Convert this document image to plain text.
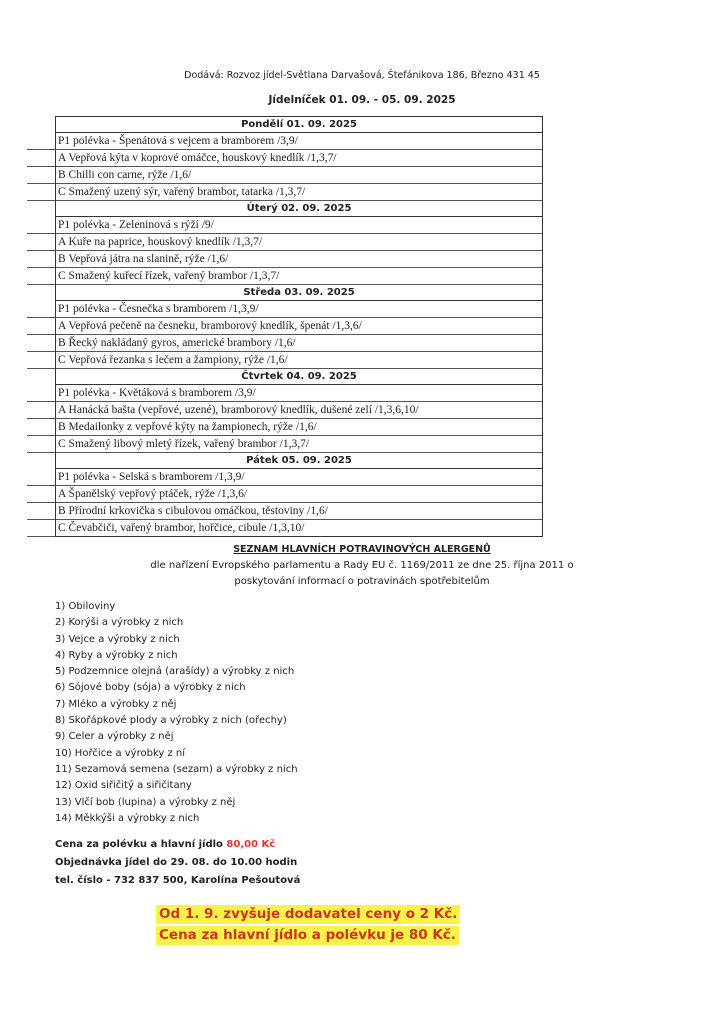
Dodává: Rozvoz jídel-Světlana Darvašová, Štefánikova 186, Březno 431 45
Jídelníček 01. 09. - 05. 09. 2025
Pondělí 01. 09. 2025
P1 polévka - Špenátová s vejcem a bramborem /3,9/
A Vepřová kýta v koprové omáčce, houskový knedlík /1,3,7/
B Chilli con carne, rýže /1,6/
C Smažený uzený sýr, vařený brambor, tatarka /1,3,7/
Úterý 02. 09. 2025
P1 polévka - Zeleninová s rýží /9/
A Kuře na paprice, houskový knedlík /1,3,7/
B Vepřová játra na slanině, rýže /1,6/
C Smažený kuřecí řízek, vařený brambor /1,3,7/
Středa 03. 09. 2025
P1 polévka - Česnečka s bramborem /1,3,9/
A Vepřová pečeně na česneku, bramborový knedlík, špenát /1,3,6/
B Řecký nakládaný gyros, americké brambory /1,6/
C Vepřová řezanka s lečem a žampiony, rýže /1,6/
Čtvrtek 04. 09. 2025
P1 polévka - Květáková s bramborem /3,9/
A Hanácká bašta (vepřové, uzené), bramborový knedlík, dušené zelí /1,3,6,10/
B Medailonky z vepřové kýty na žampionech, rýže /1,6/
C Smažený libový mletý řízek, vařený brambor /1,3,7/
Pátek 05. 09. 2025
P1 polévka - Selská s bramborem /1,3,9/
A Španělský vepřový ptáček, rýže /1,3,6/
B Přírodní krkovička s cibulovou omáčkou, těstoviny /1,6/
C Čevabčiči, vařený brambor, hořčice, cibule /1,3,10/
SEZNAM HLAVNÍCH POTRAVINOVÝCH ALERGENŮ
dle nařízení Evropského parlamentu a Rady EU č. 1169/2011 ze dne 25. října 2011 o
poskytování informací o potravinách spotřebitelům
1) Obiloviny
2) Korýši a výrobky z nich
3) Vejce a výrobky z nich
4) Ryby a výrobky z nich
5) Podzemnice olejná (arašídy) a výrobky z nich
6) Sójové boby (sója) a výrobky z nich
7) Mléko a výrobky z něj
8) Skořápkové plody a výrobky z nich (ořechy)
9) Celer a výrobky z něj
10) Hořčice a výrobky z ní
11) Sezamová semena (sezam) a výrobky z nich
12) Oxid siřičitý a siřičitany
13) Vlčí bob (lupina) a výrobky z něj
14) Měkkýši a výrobky z nich
Cena za polévku a hlavní jídlo 80,00 Kč
Objednávka jídel do 29. 08. do 10.00 hodin
tel. číslo - 732 837 500, Karolína Pešoutová
Od 1. 9. zvyšuje dodavatel ceny o 2 Kč.
Cena za hlavní jídlo a polévku je 80 Kč.
